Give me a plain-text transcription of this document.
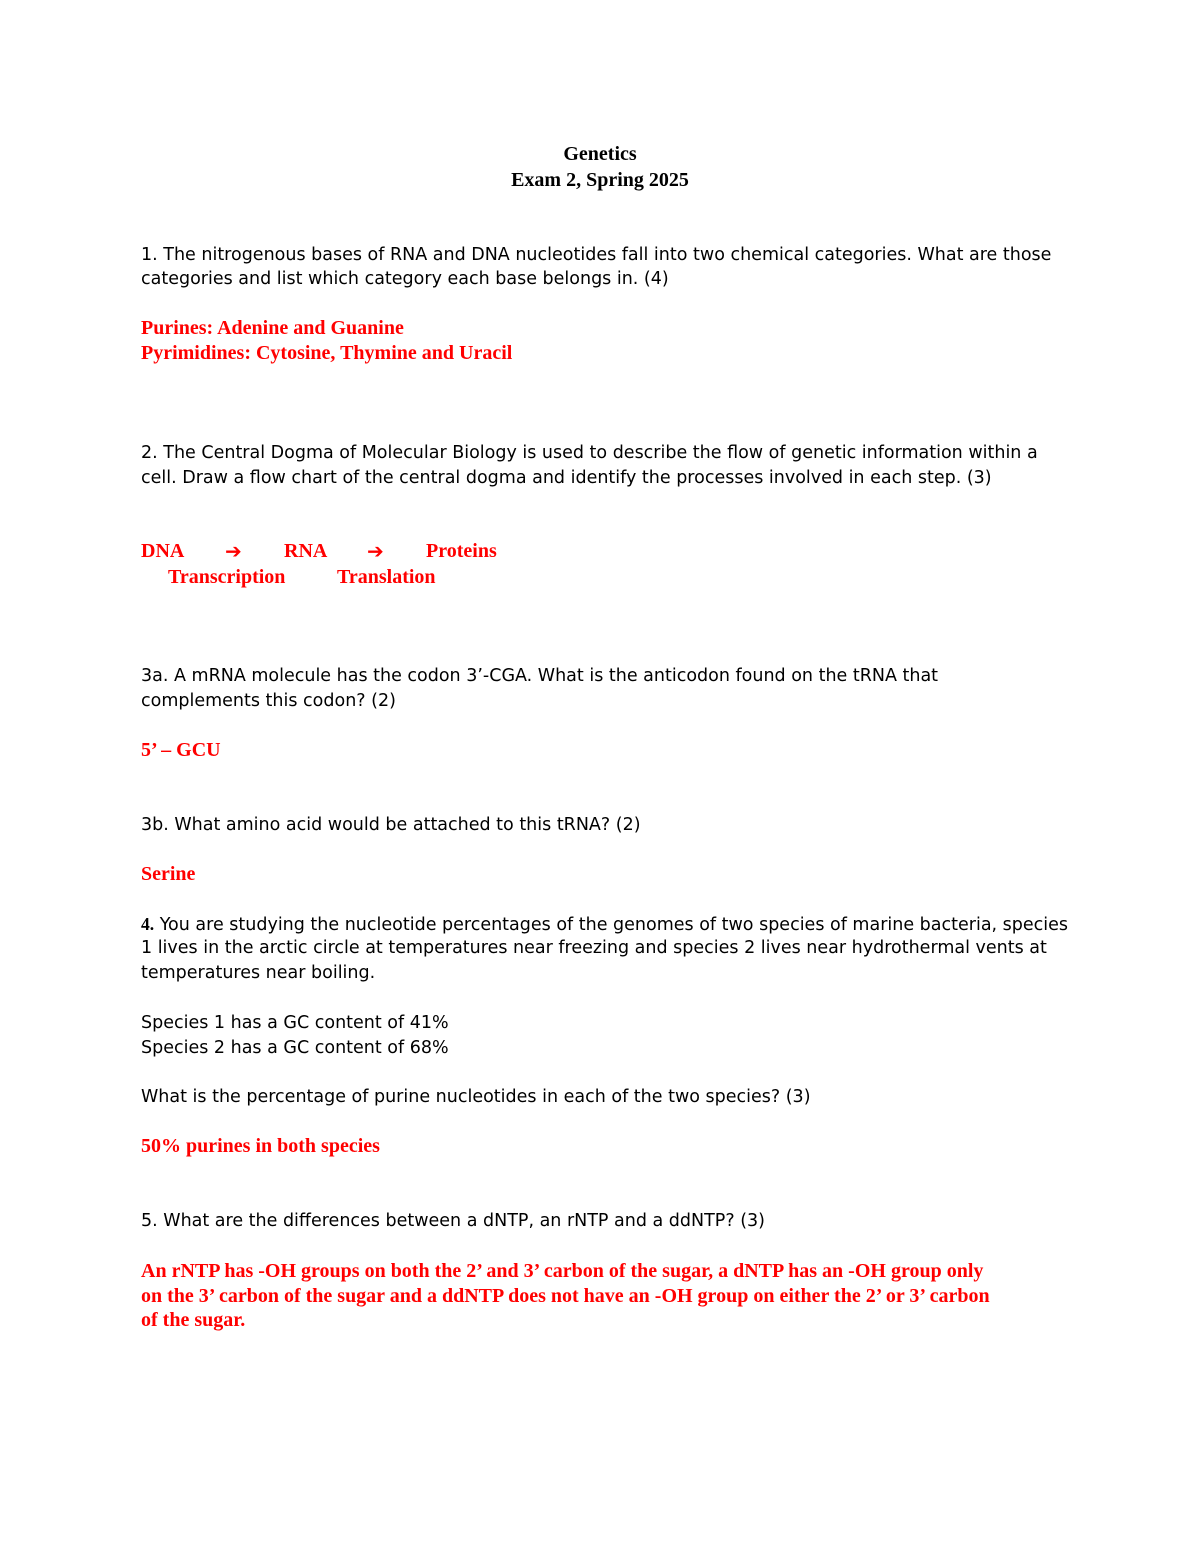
Genetics
Exam 2, Spring 2025
1. The nitrogenous bases of RNA and DNA nucleotides fall into two chemical categories. What are those
categories and list which category each base belongs in. (4)
Purines: Adenine and Guanine
Pyrimidines: Cytosine, Thymine and Uracil
2. The Central Dogma of Molecular Biology is used to describe the flow of genetic information within a
cell. Draw a flow chart of the central dogma and identify the processes involved in each step. (3)
DNA ➔ RNA ➔ Proteins
Transcription	Translation
3a. A mRNA molecule has the codon 3’-CGA. What is the anticodon found on the tRNA that
complements this codon? (2)
5’ – GCU
3b. What amino acid would be attached to this tRNA? (2)
Serine
4. You are studying the nucleotide percentages of the genomes of two species of marine bacteria, species
1 lives in the arctic circle at temperatures near freezing and species 2 lives near hydrothermal vents at
temperatures near boiling.
Species 1 has a GC content of 41%
Species 2 has a GC content of 68%
What is the percentage of purine nucleotides in each of the two species? (3)
50% purines in both species
5. What are the differences between a dNTP, an rNTP and a ddNTP? (3)
An rNTP has -OH groups on both the 2’ and 3’ carbon of the sugar, a dNTP has an -OH group only
on the 3’ carbon of the sugar and a ddNTP does not have an -OH group on either the 2’ or 3’ carbon
of the sugar.
